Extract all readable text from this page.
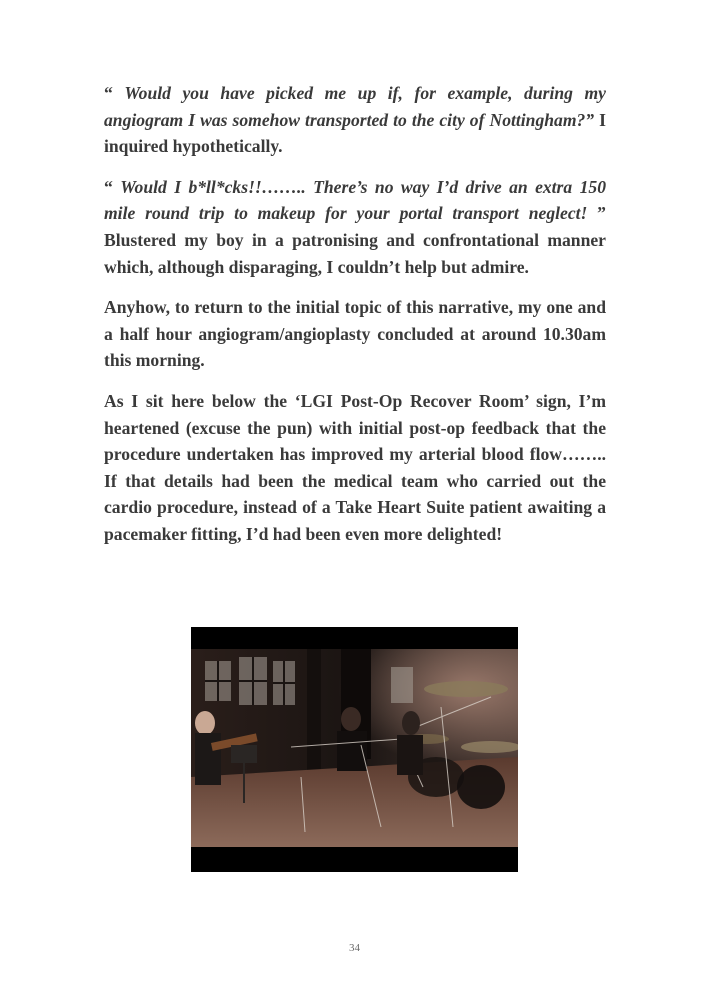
“ Would you have picked me up if, for example, during my angiogram I was somehow transported to the city of Nottingham?” I inquired hypothetically.

“ Would I b*ll*cks!!…….. There’s no way I’d drive an extra 150 mile round trip to makeup for your portal transport neglect! ” Blustered my boy in a patronising and confrontational manner which, although disparaging, I couldn’t help but admire.

Anyhow, to return to the initial topic of this narrative, my one and a half hour angiogram/angioplasty concluded at around 10.30am this morning.

As I sit here below the ‘LGI Post-Op Recover Room’ sign, I’m heartened (excuse the pun) with initial post-op feedback that the procedure undertaken has improved my arterial blood flow…….. If that details had been the medical team who carried out the cardio procedure, instead of a Take Heart Suite patient awaiting a pacemaker fitting, I’d had been even more delighted!

34
